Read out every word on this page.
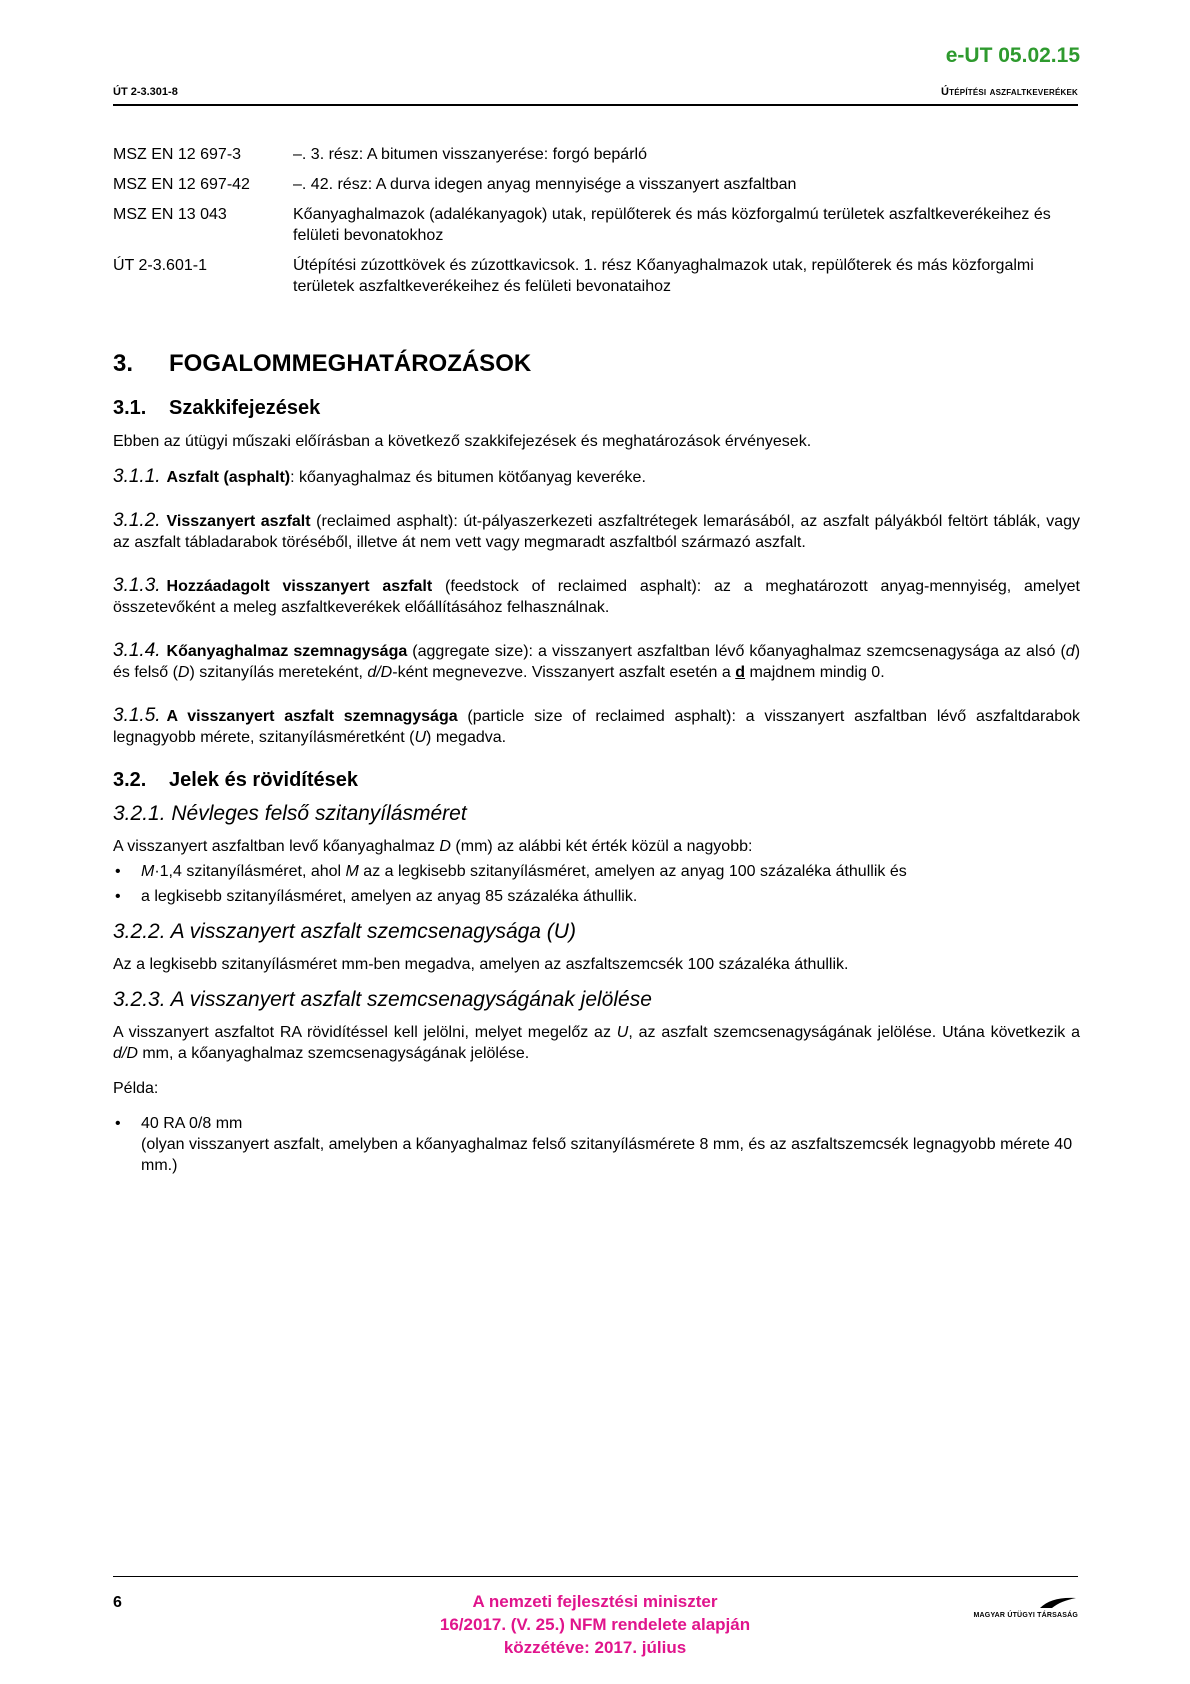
e-UT 05.02.15
ÚT 2-3.301-8	Útépítési aszfaltkeverékek
MSZ EN 12 697-3	–. 3. rész: A bitumen visszanyerése: forgó bepárló
MSZ EN 12 697-42	–. 42. rész: A durva idegen anyag mennyisége a visszanyert aszfaltban
MSZ EN 13 043	Kőanyaghalmazok (adalékanyagok) utak, repülőterek és más közforgalmú területek aszfaltkeverékeihez és felületi bevonatokhoz
ÚT 2-3.601-1	Útépítési zúzottkövek és zúzottkavicsok. 1. rész Kőanyaghalmazok utak, repülőterek és más közforgalmi területek aszfaltkeverékeihez és felületi bevonataihoz
3.	FOGALOMMEGHATÁROZÁSOK
3.1.	Szakkifejezések

Ebben az útügyi műszaki előírásban a következő szakkifejezések és meghatározások érvényesek.

3.1.1. Aszfalt (asphalt): kőanyaghalmaz és bitumen kötőanyag keveréke.

3.1.2. Visszanyert aszfalt (reclaimed asphalt): út-pályaszerkezeti aszfaltrétegek lemarásából, az aszfalt pályákból feltört táblák, vagy az aszfalt tábladarabok töréséből, illetve át nem vett vagy megmaradt aszfaltból származó aszfalt.

3.1.3. Hozzáadagolt visszanyert aszfalt (feedstock of reclaimed asphalt): az a meghatározott anyag-mennyiség, amelyet összetevőként a meleg aszfaltkeverékek előállításához felhasználnak.

3.1.4. Kőanyaghalmaz szemnagysága (aggregate size): a visszanyert aszfaltban lévő kőanyaghalmaz szemcsenagysága az alsó (d) és felső (D) szitanyílás mereteként, d/D-ként megnevezve. Visszanyert aszfalt esetén a d majdnem mindig 0.

3.1.5. A visszanyert aszfalt szemnagysága (particle size of reclaimed asphalt): a visszanyert aszfaltban lévő aszfaltdarabok legnagyobb mérete, szitanyílásméretként (U) megadva.

3.2.	Jelek és rövidítések
3.2.1. Névleges felső szitanyílásméret

A visszanyert aszfaltban levő kőanyaghalmaz D (mm) az alábbi két érték közül a nagyobb:

• M·1,4 szitanyílásméret, ahol M az a legkisebb szitanyílásméret, amelyen az anyag 100 százaléka áthullik és
• a legkisebb szitanyílásméret, amelyen az anyag 85 százaléka áthullik.
3.2.2. A visszanyert aszfalt szemcsenagysága (U)

Az a legkisebb szitanyílásméret mm-ben megadva, amelyen az aszfaltszemcsék 100 százaléka áthullik.

3.2.3. A visszanyert aszfalt szemcsenagyságának jelölése

A visszanyert aszfaltot RA rövidítéssel kell jelölni, melyet megelőz az U, az aszfalt szemcsenagyságának jelölése. Utána következik a d/D mm, a kőanyaghalmaz szemcsenagyságának jelölése.

Példa:

• 40 RA 0/8 mm
(olyan visszanyert aszfalt, amelyben a kőanyaghalmaz felső szitanyílásmérete 8 mm, és az aszfaltszemcsék legnagyobb mérete 40 mm.)
6	A nemzeti fejlesztési miniszter
16/2017. (V. 25.) NFM rendelete alapján
közzétéve: 2017. július
MAGYAR ÚTÜGYI TÁRSASÁG
